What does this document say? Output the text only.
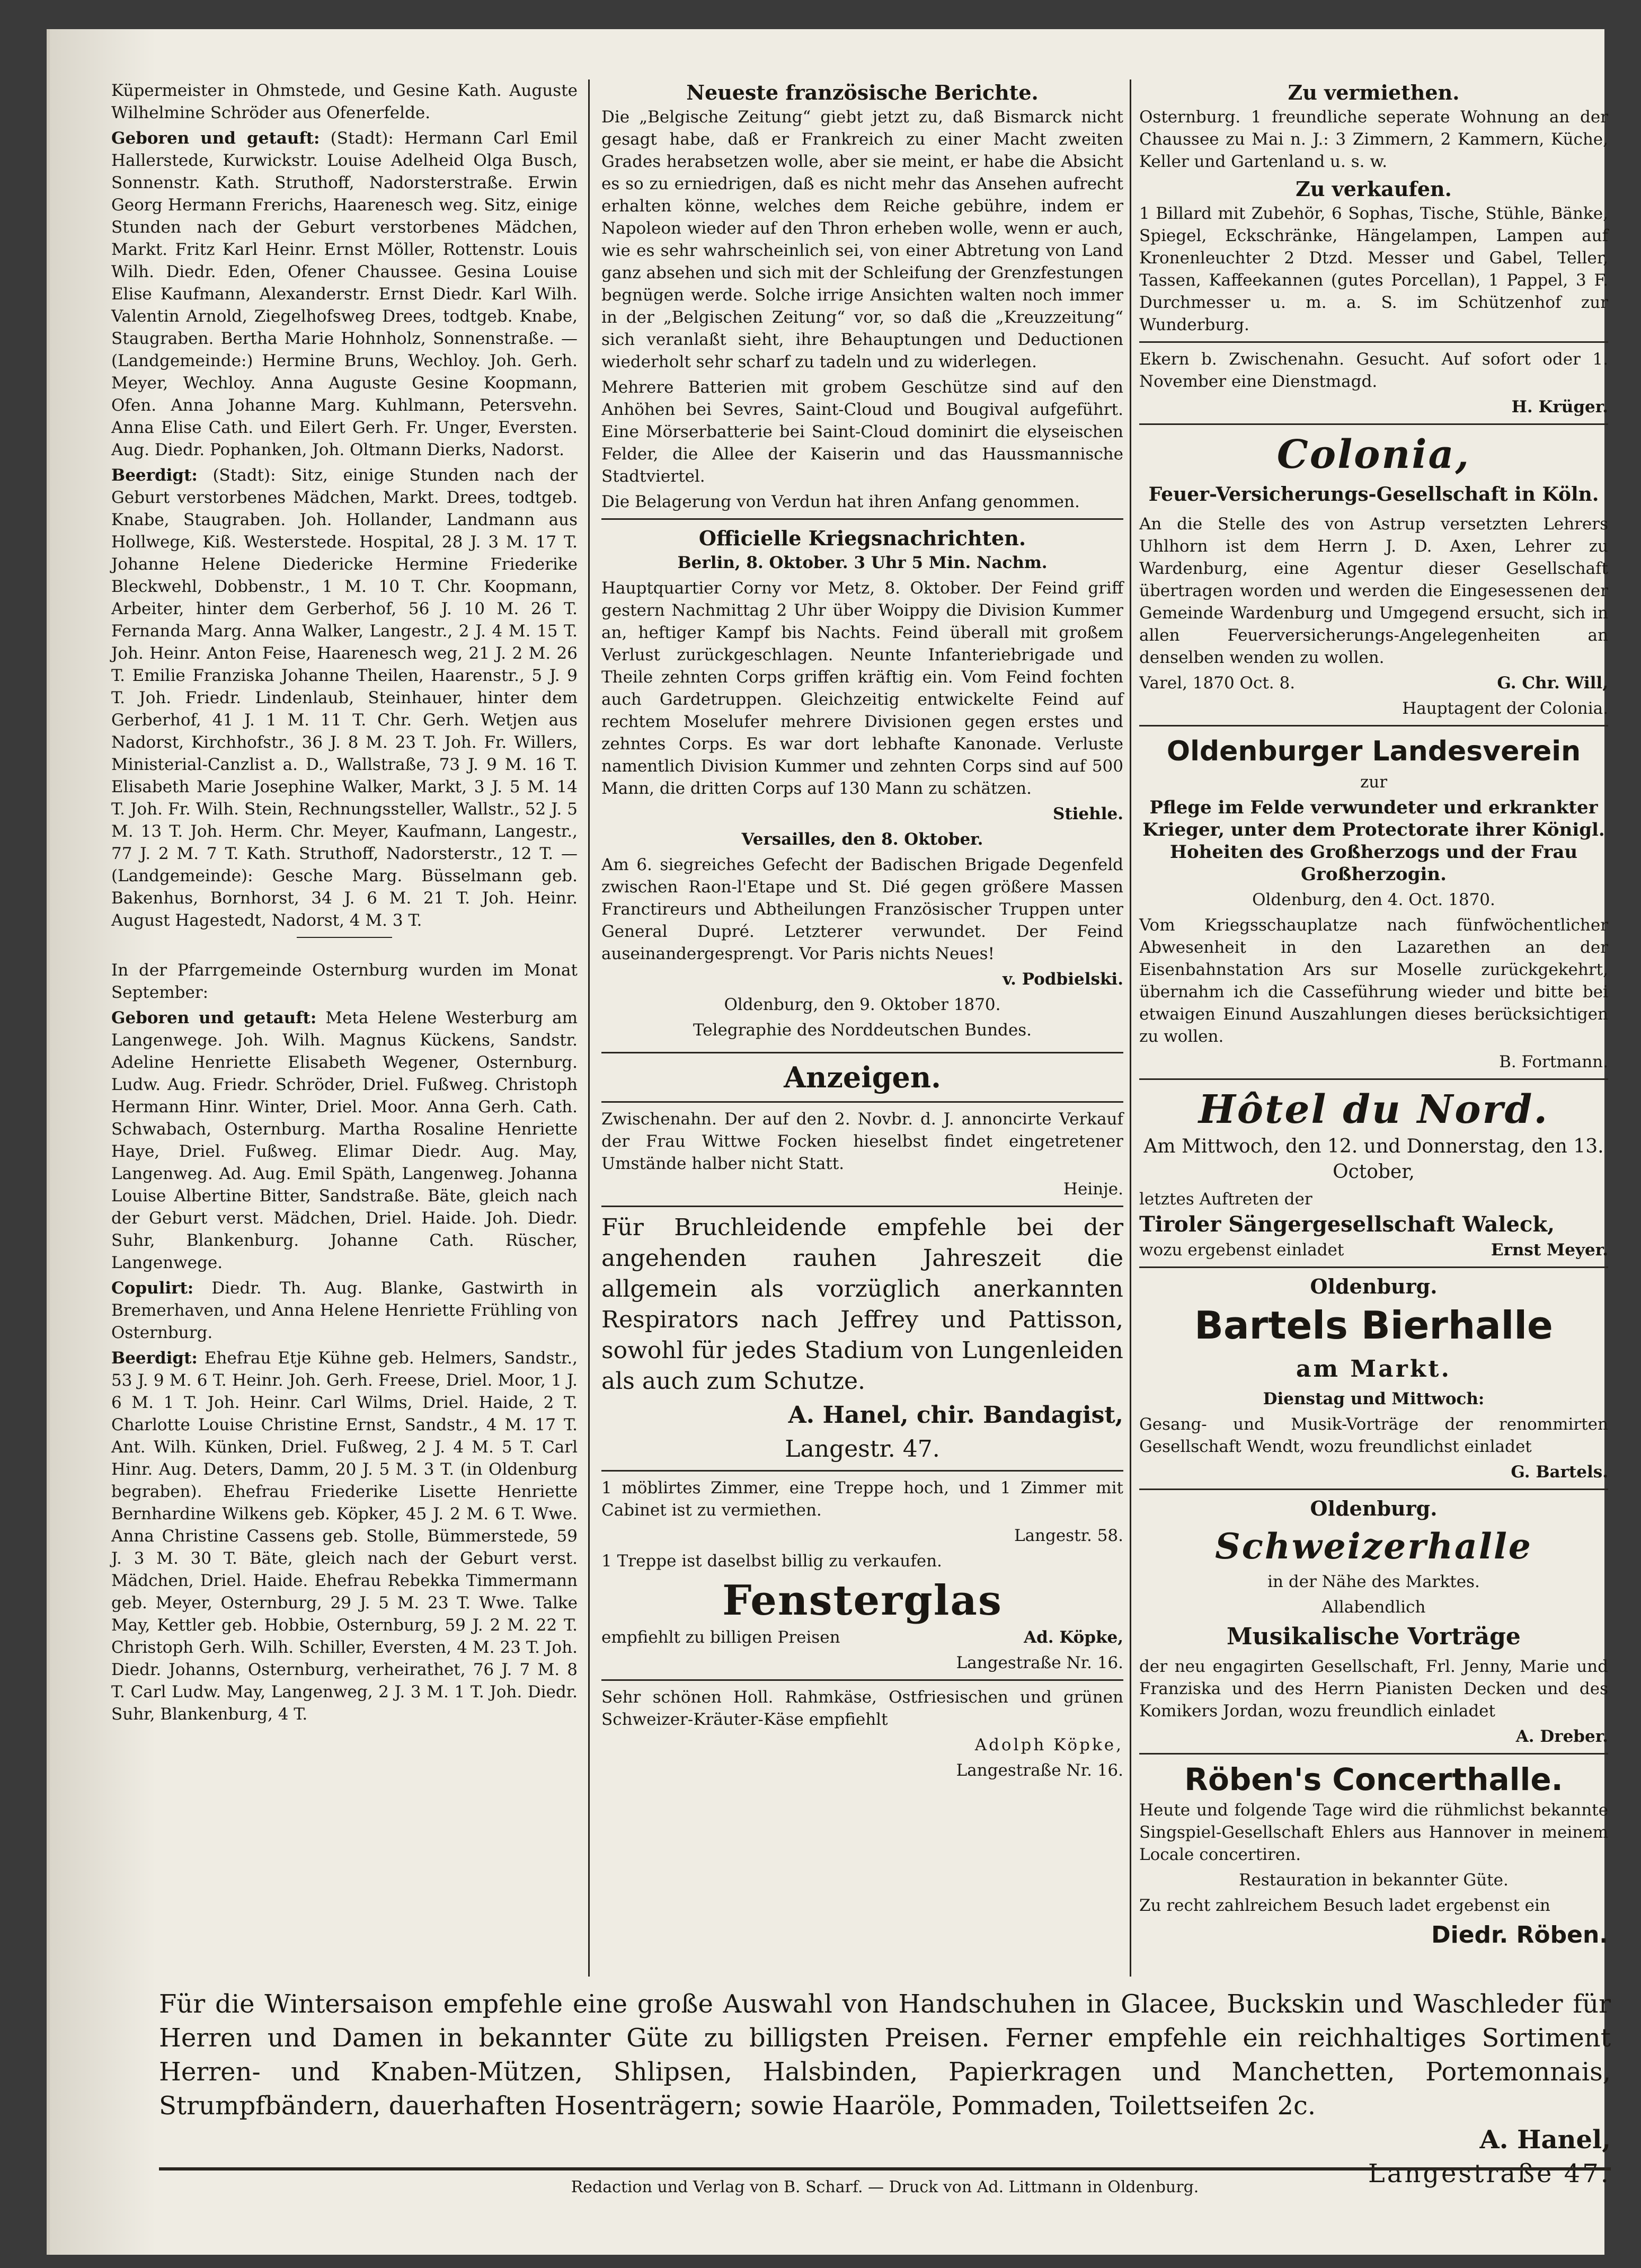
Küpermeister in Ohmstede, und Gesine Kath. Auguste Wilhelmine Schröder aus Ofenerfelde.

Geboren und getauft: (Stadt): Hermann Carl Emil Hallerstede, Kurwickstr. Louise Adelheid Olga Busch, Sonnenstr. Kath. Struthoff, Nadorsterstraße. Erwin Georg Hermann Frerichs, Haarenesch weg. Sitz, einige Stunden nach der Geburt verstorbenes Mädchen, Markt. Fritz Karl Heinr. Ernst Möller, Rottenstr. Louis Wilh. Diedr. Eden, Ofener Chaussee. Gesina Louise Elise Kaufmann, Alexanderstr. Ernst Diedr. Karl Wilh. Valentin Arnold, Ziegelhofsweg Drees, todtgeb. Knabe, Staugraben. Bertha Marie Hohnholz, Sonnenstraße. — (Landgemeinde:) Hermine Bruns, Wechloy. Joh. Gerh. Meyer, Wechloy. Anna Auguste Gesine Koopmann, Ofen. Anna Johanne Marg. Kuhlmann, Petersvehn. Anna Elise Cath. und Eilert Gerh. Fr. Unger, Eversten. Aug. Diedr. Pophanken, Joh. Oltmann Dierks, Nadorst.

Beerdigt: (Stadt): Sitz, einige Stunden nach der Geburt verstorbenes Mädchen, Markt. Drees, todtgeb. Knabe, Staugraben. Joh. Hollander, Landmann aus Hollwege, Kiß. Westerstede. Hospital, 28 J. 3 M. 17 T. Johanne Helene Diedericke Hermine Friederike Bleckwehl, Dobbenstr., 1 M. 10 T. Chr. Koopmann, Arbeiter, hinter dem Gerberhof, 56 J. 10 M. 26 T. Fernanda Marg. Anna Walker, Langestr., 2 J. 4 M. 15 T. Joh. Heinr. Anton Feise, Haarenesch weg, 21 J. 2 M. 26 T. Emilie Franziska Johanne Theilen, Haarenstr., 5 J. 9 T. Joh. Friedr. Lindenlaub, Steinhauer, hinter dem Gerberhof, 41 J. 1 M. 11 T. Chr. Gerh. Wetjen aus Nadorst, Kirchhofstr., 36 J. 8 M. 23 T. Joh. Fr. Willers, Ministerial-Canzlist a. D., Wallstraße, 73 J. 9 M. 16 T. Elisabeth Marie Josephine Walker, Markt, 3 J. 5 M. 14 T. Joh. Fr. Wilh. Stein, Rechnungssteller, Wallstr., 52 J. 5 M. 13 T. Joh. Herm. Chr. Meyer, Kaufmann, Langestr., 77 J. 2 M. 7 T. Kath. Struthoff, Nadorsterstr., 12 T. — (Landgemeinde): Gesche Marg. Büsselmann geb. Bakenhus, Bornhorst, 34 J. 6 M. 21 T. Joh. Heinr. August Hagestedt, Nadorst, 4 M. 3 T.

In der Pfarrgemeinde Osternburg wurden im Monat September:

Geboren und getauft: Meta Helene Westerburg am Langenwege. Joh. Wilh. Magnus Kückens, Sandstr. Adeline Henriette Elisabeth Wegener, Osternburg. Ludw. Aug. Friedr. Schröder, Driel. Fußweg. Christoph Hermann Hinr. Winter, Driel. Moor. Anna Gerh. Cath. Schwabach, Osternburg. Martha Rosaline Henriette Haye, Driel. Fußweg. Elimar Diedr. Aug. May, Langenweg. Ad. Aug. Emil Späth, Langenweg. Johanna Louise Albertine Bitter, Sandstraße. Bäte, gleich nach der Geburt verst. Mädchen, Driel. Haide. Joh. Diedr. Suhr, Blankenburg. Johanne Cath. Rüscher, Langenwege.

Copulirt: Diedr. Th. Aug. Blanke, Gastwirth in Bremerhaven, und Anna Helene Henriette Frühling von Osternburg.

Beerdigt: Ehefrau Etje Kühne geb. Helmers, Sandstr., 53 J. 9 M. 6 T. Heinr. Joh. Gerh. Freese, Driel. Moor, 1 J. 6 M. 1 T. Joh. Heinr. Carl Wilms, Driel. Haide, 2 T. Charlotte Louise Christine Ernst, Sandstr., 4 M. 17 T. Ant. Wilh. Künken, Driel. Fußweg, 2 J. 4 M. 5 T. Carl Hinr. Aug. Deters, Damm, 20 J. 5 M. 3 T. (in Oldenburg begraben). Ehefrau Friederike Lisette Henriette Bernhardine Wilkens geb. Köpker, 45 J. 2 M. 6 T. Wwe. Anna Christine Cassens geb. Stolle, Bümmerstede, 59 J. 3 M. 30 T. Bäte, gleich nach der Geburt verst. Mädchen, Driel. Haide. Ehefrau Rebekka Timmermann geb. Meyer, Osternburg, 29 J. 5 M. 23 T. Wwe. Talke May, Kettler geb. Hobbie, Osternburg, 59 J. 2 M. 22 T. Christoph Gerh. Wilh. Schiller, Eversten, 4 M. 23 T. Joh. Diedr. Johanns, Osternburg, verheirathet, 76 J. 7 M. 8 T. Carl Ludw. May, Langenweg, 2 J. 3 M. 1 T. Joh. Diedr. Suhr, Blankenburg, 4 T.

Neueste französische Berichte.

Die „Belgische Zeitung“ giebt jetzt zu, daß Bismarck nicht gesagt habe, daß er Frankreich zu einer Macht zweiten Grades herabsetzen wolle, aber sie meint, er habe die Absicht es so zu erniedrigen, daß es nicht mehr das Ansehen aufrecht erhalten könne, welches dem Reiche gebühre, indem er Napoleon wieder auf den Thron erheben wolle, wenn er auch, wie es sehr wahrscheinlich sei, von einer Abtretung von Land ganz absehen und sich mit der Schleifung der Grenzfestungen begnügen werde. Solche irrige Ansichten walten noch immer in der „Belgischen Zeitung“ vor, so daß die „Kreuzzeitung“ sich veranlaßt sieht, ihre Behauptungen und Deductionen wiederholt sehr scharf zu tadeln und zu widerlegen.

Mehrere Batterien mit grobem Geschütze sind auf den Anhöhen bei Sevres, Saint-Cloud und Bougival aufgeführt. Eine Mörserbatterie bei Saint-Cloud dominirt die elyseischen Felder, die Allee der Kaiserin und das Haussmannische Stadtviertel.

Die Belagerung von Verdun hat ihren Anfang genommen.

Officielle Kriegsnachrichten.

Berlin, 8. Oktober. 3 Uhr 5 Min. Nachm.

Hauptquartier Corny vor Metz, 8. Oktober. Der Feind griff gestern Nachmittag 2 Uhr über Woippy die Division Kummer an, heftiger Kampf bis Nachts. Feind überall mit großem Verlust zurückgeschlagen. Neunte Infanteriebrigade und Theile zehnten Corps griffen kräftig ein. Vom Feind fochten auch Gardetruppen. Gleichzeitig entwickelte Feind auf rechtem Moselufer mehrere Divisionen gegen erstes und zehntes Corps. Es war dort lebhafte Kanonade. Verluste namentlich Division Kummer und zehnten Corps sind auf 500 Mann, die dritten Corps auf 130 Mann zu schätzen.

Stiehle.

Versailles, den 8. Oktober.

Am 6. siegreiches Gefecht der Badischen Brigade Degenfeld zwischen Raon-l'Etape und St. Dié gegen größere Massen Franctireurs und Abtheilungen Französischer Truppen unter General Dupré. Letzterer verwundet. Der Feind auseinandergesprengt. Vor Paris nichts Neues!

v. Podbielski.

Oldenburg, den 9. Oktober 1870.

Telegraphie des Norddeutschen Bundes.

Anzeigen.

Zwischenahn. Der auf den 2. Novbr. d. J. annoncirte Verkauf der Frau Wittwe Focken hieselbst findet eingetretener Umstände halber nicht Statt.

Heinje.

Für Bruchleidende empfehle bei der angehenden rauhen Jahreszeit die allgemein als vorzüglich anerkannten Respirators nach Jeffrey und Pattisson, sowohl für jedes Stadium von Lungenleiden als auch zum Schutze.

A. Hanel, chir. Bandagist,

Langestr. 47.

1 möblirtes Zimmer, eine Treppe hoch, und 1 Zimmer mit Cabinet ist zu vermiethen.

Langestr. 58.

1 Treppe ist daselbst billig zu verkaufen.

Fensterglas

empfiehlt zu billigen Preisen	Ad. Köpke,

Langestraße Nr. 16.

Sehr schönen Holl. Rahmkäse, Ostfriesischen und grünen Schweizer-Kräuter-Käse empfiehlt

Adolph Köpke,

Langestraße Nr. 16.

Zu vermiethen.

Osternburg. 1 freundliche seperate Wohnung an der Chaussee zu Mai n. J.: 3 Zimmern, 2 Kammern, Küche, Keller und Gartenland u. s. w.

Zu verkaufen.

1 Billard mit Zubehör, 6 Sophas, Tische, Stühle, Bänke, Spiegel, Eckschränke, Hängelampen, Lampen auf Kronenleuchter 2 Dtzd. Messer und Gabel, Teller, Tassen, Kaffeekannen (gutes Porcellan), 1 Pappel, 3 F. Durchmesser u. m. a. S. im Schützenhof zur Wunderburg.

Ekern b. Zwischenahn. Gesucht. Auf sofort oder 1. November eine Dienstmagd.

H. Krüger.

Colonia,

Feuer-Versicherungs-Gesellschaft in Köln.

An die Stelle des von Astrup versetzten Lehrers Uhlhorn ist dem Herrn J. D. Axen, Lehrer zu Wardenburg, eine Agentur dieser Gesellschaft übertragen worden und werden die Eingesessenen der Gemeinde Wardenburg und Umgegend ersucht, sich in allen Feuerversicherungs-Angelegenheiten an denselben wenden zu wollen.

Varel, 1870 Oct. 8.	G. Chr. Will,

Hauptagent der Colonia.

Oldenburger Landesverein

zur

Pflege im Felde verwundeter und erkrankter Krieger, unter dem Protectorate ihrer Königl. Hoheiten des Großherzogs und der Frau Großherzogin.

Oldenburg, den 4. Oct. 1870.

Vom Kriegsschauplatze nach fünfwöchentlicher Abwesenheit in den Lazarethen an der Eisenbahnstation Ars sur Moselle zurückgekehrt, übernahm ich die Casseführung wieder und bitte bei etwaigen Einund Auszahlungen dieses berücksichtigen zu wollen.

B. Fortmann.

Hôtel du Nord.

Am Mittwoch, den 12. und Donnerstag, den 13. October,

letztes Auftreten der

Tiroler Sängergesellschaft Waleck,

wozu ergebenst einladet	Ernst Meyer.

Oldenburg.
Bartels Bierhalle
am Markt.

Dienstag und Mittwoch:

Gesang- und Musik-Vorträge der renommirten Gesellschaft Wendt, wozu freundlichst einladet

G. Bartels.

Oldenburg.
Schweizerhalle

in der Nähe des Marktes.

Allabendlich

Musikalische Vorträge

der neu engagirten Gesellschaft, Frl. Jenny, Marie und Franziska und des Herrn Pianisten Decken und des Komikers Jordan, wozu freundlich einladet

A. Dreber.

Röben's Concerthalle.

Heute und folgende Tage wird die rühmlichst bekannte Singspiel-Gesellschaft Ehlers aus Hannover in meinem Locale concertiren.

Restauration in bekannter Güte.

Zu recht zahlreichem Besuch ladet ergebenst ein

Diedr. Röben.

Für die Wintersaison empfehle eine große Auswahl von Handschuhen in Glacee, Buckskin und Waschleder für Herren und Damen in bekannter Güte zu billigsten Preisen. Ferner empfehle ein reichhaltiges Sortiment Herren- und Knaben-Mützen, Shlipsen, Halsbinden, Papierkragen und Manchetten, Portemonnais, Strumpfbändern, dauerhaften Hosenträgern; sowie Haaröle, Pommaden, Toilettseifen 2c.

A. Hanel,

Langestraße 47.

Redaction und Verlag von B. Scharf. — Druck von Ad. Littmann in Oldenburg.
